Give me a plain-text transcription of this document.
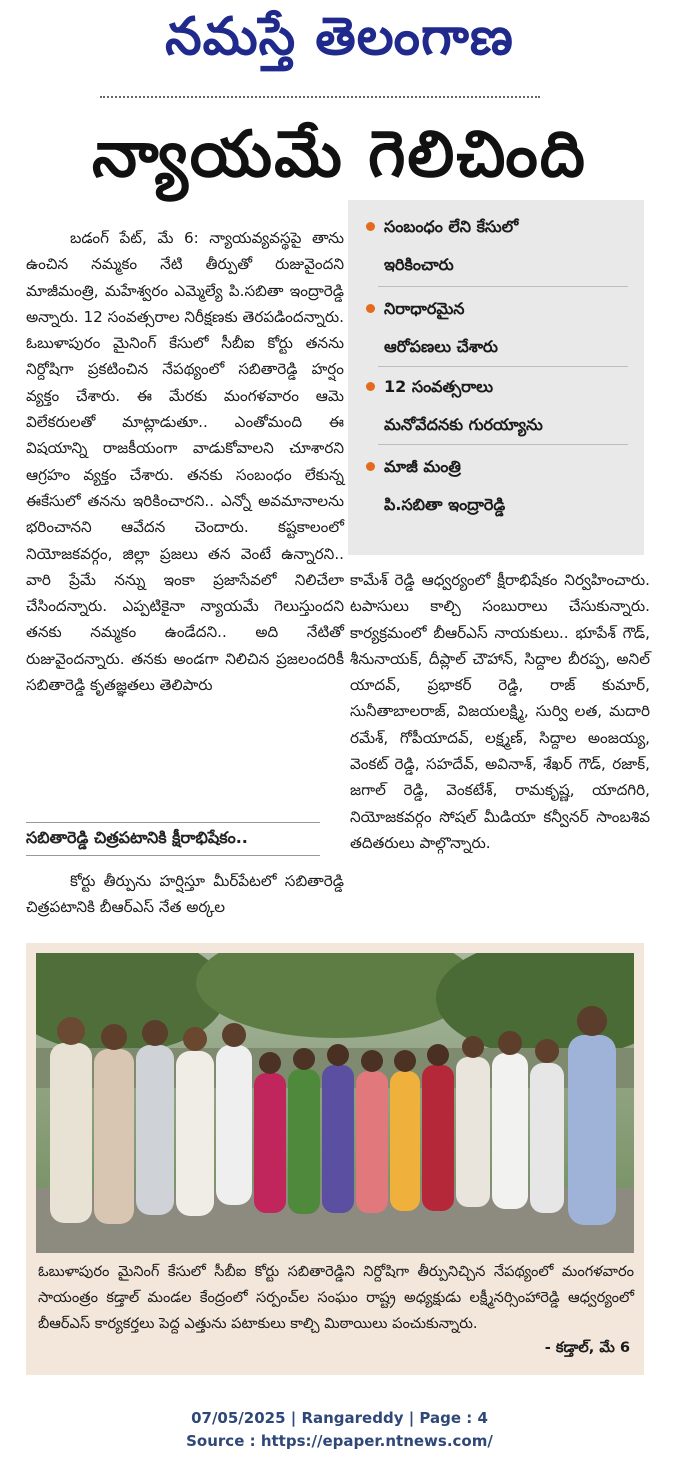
నమస్తే తెలంగాణ
న్యాయమే గెలిచింది
బడంగ్ పేట్, మే 6: న్యాయవ్యవస్థపై తాను ఉంచిన నమ్మకం నేటి తీర్పుతో రుజువైందని మాజీమంత్రి, మహేశ్వరం ఎమ్మెల్యే పి.సబితా ఇంద్రారెడ్డి అన్నారు. 12 సంవత్సరాల నిరీక్షణకు తెరపడిందన్నారు. ఓబుళాపురం మైనింగ్ కేసులో సీబీఐ కోర్టు తనను నిర్దోషిగా ప్రకటించిన నేపథ్యంలో సబితారెడ్డి హర్షం వ్యక్తం చేశారు. ఈ మేరకు మంగళవారం ఆమె విలేకరులతో మాట్లాడుతూ.. ఎంతోమంది ఈ విషయాన్ని రాజకీయంగా వాడుకోవాలని చూశారని ఆగ్రహం వ్యక్తం చేశారు. తనకు సంబంధం లేకున్న ఈకేసులో తనను ఇరికించారని.. ఎన్నో అవమానాలను భరించానని ఆవేదన చెందారు. కష్టకాలంలో నియోజకవర్గం, జిల్లా ప్రజలు తన వెంటే ఉన్నారని.. వారి ప్రేమే నన్ను ఇంకా ప్రజాసేవలో నిలిచేలా చేసిందన్నారు. ఎప్పటికైనా న్యాయమే గెలుస్తుందని తనకు నమ్మకం ఉండేదని.. అది నేటితో రుజువైందన్నారు. తనకు అండగా నిలిచిన ప్రజలందరికీ సబితారెడ్డి కృతజ్ఞతలు తెలిపారు
సబితారెడ్డి చిత్రపటానికి క్షీరాభిషేకం..
కోర్టు తీర్పును హర్షిస్తూ మీర్‌పేటలో సబితారెడ్డి చిత్రపటానికి బీఆర్ఎస్ నేత అర్కల
సంబంధం లేని కేసులో
ఇరికించారు
నిరాధారమైన
ఆరోపణలు చేశారు
12 సంవత్సరాలు
మనోవేదనకు గురయ్యాను
మాజీ మంత్రి
పి.సబితా ఇంద్రారెడ్డి
కామేశ్ రెడ్డి ఆధ్వర్యంలో క్షీరాభిషేకం నిర్వహించారు. టపాసులు కాల్చి సంబురాలు చేసుకున్నారు. కార్యక్రమంలో బీఆర్ఎస్ నాయకులు.. భూపేశ్ గౌడ్, శీనునాయక్, దీప్లాల్ చౌహాన్, సిద్దాల బీరప్ప, అనిల్ యాదవ్, ప్రభాకర్ రెడ్డి, రాజ్ కుమార్, సునీతాబాలరాజ్, విజయలక్ష్మి, సుర్వి లత, మదారి రమేశ్, గోపీయాదవ్, లక్ష్మణ్, సిద్దాల అంజయ్య, వెంకట్ రెడ్డి, సహదేవ్, అవినాశ్, శేఖర్ గౌడ్, రజాక్, జగాల్ రెడ్డి, వెంకటేశ్, రామకృష్ణ, యాదగిరి, నియోజకవర్గం సోషల్ మీడియా కన్వీనర్ సాంబశివ తదితరులు పాల్గొన్నారు.
ఓబుళాపురం మైనింగ్ కేసులో సీబీఐ కోర్టు సబితారెడ్డిని నిర్దోషిగా తీర్పునిచ్చిన నేపథ్యంలో మంగళవారం సాయంత్రం కడ్తాల్ మండల కేంద్రంలో సర్పంచ్‌ల సంఘం రాష్ట్ర అధ్యక్షుడు లక్ష్మీనర్సింహారెడ్డి ఆధ్వర్యంలో బీఆర్ఎస్ కార్యకర్తలు పెద్ద ఎత్తును పటాకులు కాల్చి మిఠాయిలు పంచుకున్నారు.
- కడ్తాల్, మే 6
07/05/2025 | Rangareddy | Page : 4
Source : https://epaper.ntnews.com/
